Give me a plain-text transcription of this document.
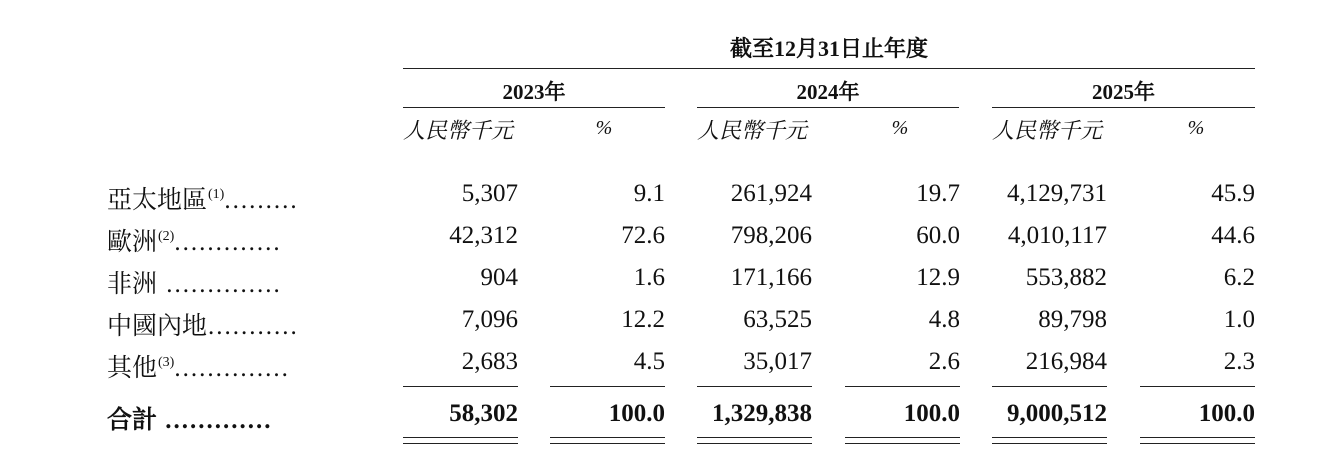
截至12月31日止年度
2023年	2024年	2025年
人民幣千元	%	人民幣千元	%	人民幣千元	%
亞太地區$^{(1)}$.........	5,307	9.1	261,924	19.7	4,129,731	45.9
歐洲$^{(2)}$.............	42,312	72.6	798,206	60.0	4,010,117	44.6
非洲 ..............	904	1.6	171,166	12.9	553,882	6.2
中國內地...........	7,096	12.2	63,525	4.8	89,798	1.0
其他$^{(3)}$..............	2,683	4.5	35,017	2.6	216,984	2.3
合計 .............	58,302	100.0	1,329,838	100.0	9,000,512	100.0
